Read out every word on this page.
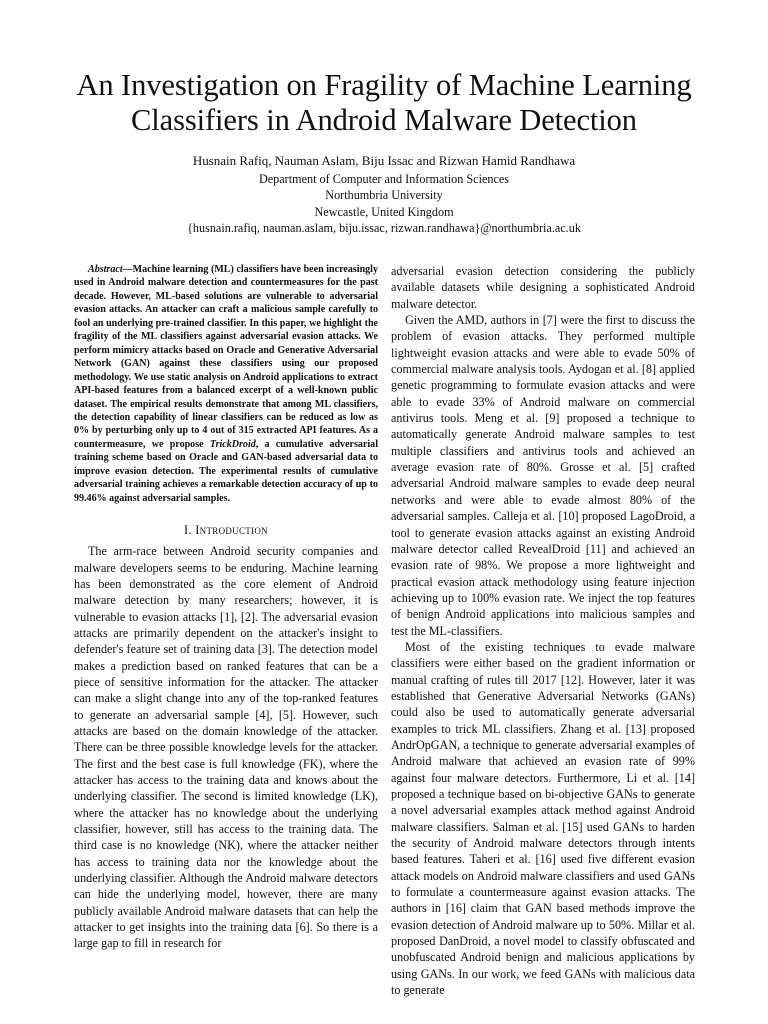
An Investigation on Fragility of Machine Learning Classifiers in Android Malware Detection
Husnain Rafiq, Nauman Aslam, Biju Issac and Rizwan Hamid Randhawa
Department of Computer and Information Sciences
Northumbria University
Newcastle, United Kingdom
{husnain.rafiq, nauman.aslam, biju.issac, rizwan.randhawa}@northumbria.ac.uk

Abstract—Machine learning (ML) classifiers have been increasingly used in Android malware detection and countermeasures for the past decade. However, ML-based solutions are vulnerable to adversarial evasion attacks. An attacker can craft a malicious sample carefully to fool an underlying pre-trained classifier. In this paper, we highlight the fragility of the ML classifiers against adversarial evasion attacks. We perform mimicry attacks based on Oracle and Generative Adversarial Network (GAN) against these classifiers using our proposed methodology. We use static analysis on Android applications to extract API-based features from a balanced excerpt of a well-known public dataset. The empirical results demonstrate that among ML classifiers, the detection capability of linear classifiers can be reduced as low as 0% by perturbing only up to 4 out of 315 extracted API features. As a countermeasure, we propose TrickDroid, a cumulative adversarial training scheme based on Oracle and GAN-based adversarial data to improve evasion detection. The experimental results of cumulative adversarial training achieves a remarkable detection accuracy of up to 99.46% against adversarial samples.

I. Introduction

The arm-race between Android security companies and malware developers seems to be enduring. Machine learning has been demonstrated as the core element of Android malware detection by many researchers; however, it is vulnerable to evasion attacks [1], [2]. The adversarial evasion attacks are primarily dependent on the attacker's insight to defender's feature set of training data [3]. The detection model makes a prediction based on ranked features that can be a piece of sensitive information for the attacker. The attacker can make a slight change into any of the top-ranked features to generate an adversarial sample [4], [5]. However, such attacks are based on the domain knowledge of the attacker. There can be three possible knowledge levels for the attacker. The first and the best case is full knowledge (FK), where the attacker has access to the training data and knows about the underlying classifier. The second is limited knowledge (LK), where the attacker has no knowledge about the underlying classifier, however, still has access to the training data. The third case is no knowledge (NK), where the attacker neither has access to training data nor the knowledge about the underlying classifier. Although the Android malware detectors can hide the underlying model, however, there are many publicly available Android malware datasets that can help the attacker to get insights into the training data [6]. So there is a large gap to fill in research for

adversarial evasion detection considering the publicly available datasets while designing a sophisticated Android malware detector.

Given the AMD, authors in [7] were the first to discuss the problem of evasion attacks. They performed multiple lightweight evasion attacks and were able to evade 50% of commercial malware analysis tools. Aydogan et al. [8] applied genetic programming to formulate evasion attacks and were able to evade 33% of Android malware on commercial antivirus tools. Meng et al. [9] proposed a technique to automatically generate Android malware samples to test multiple classifiers and antivirus tools and achieved an average evasion rate of 80%. Grosse et al. [5] crafted adversarial Android malware samples to evade deep neural networks and were able to evade almost 80% of the adversarial samples. Calleja et al. [10] proposed LagoDroid, a tool to generate evasion attacks against an existing Android malware detector called RevealDroid [11] and achieved an evasion rate of 98%. We propose a more lightweight and practical evasion attack methodology using feature injection achieving up to 100% evasion rate. We inject the top features of benign Android applications into malicious samples and test the ML-classifiers.

Most of the existing techniques to evade malware classifiers were either based on the gradient information or manual crafting of rules till 2017 [12]. However, later it was established that Generative Adversarial Networks (GANs) could also be used to automatically generate adversarial examples to trick ML classifiers. Zhang et al. [13] proposed AndrOpGAN, a technique to generate adversarial examples of Android malware that achieved an evasion rate of 99% against four malware detectors. Furthermore, Li et al. [14] proposed a technique based on bi-objective GANs to generate a novel adversarial examples attack method against Android malware classifiers. Salman et al. [15] used GANs to harden the security of Android malware detectors through intents based features. Taheri et al. [16] used five different evasion attack models on Android malware classifiers and used GANs to formulate a countermeasure against evasion attacks. The authors in [16] claim that GAN based methods improve the evasion detection of Android malware up to 50%. Millar et al. proposed DanDroid, a novel model to classify obfuscated and unobfuscated Android benign and malicious applications by using GANs. In our work, we feed GANs with malicious data to generate
